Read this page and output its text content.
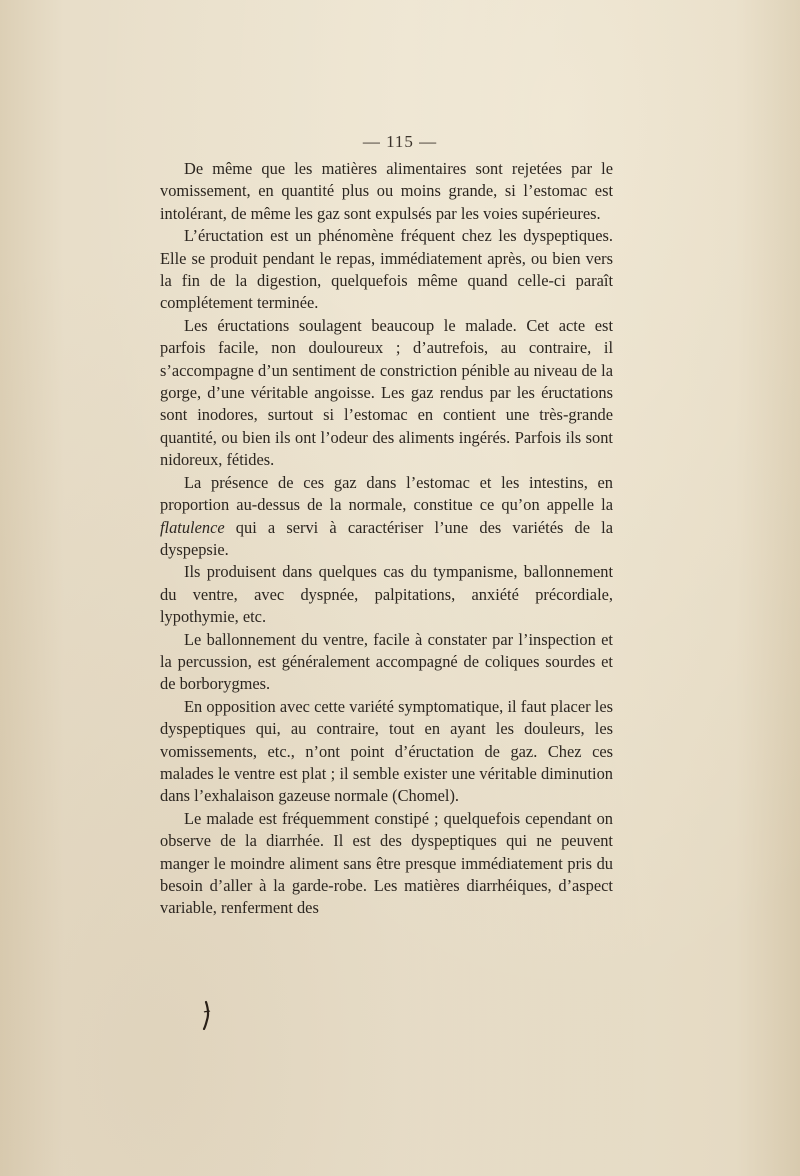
— 115 —

De même que les matières alimentaires sont rejetées par le vomissement, en quantité plus ou moins grande, si l’estomac est intolérant, de même les gaz sont expulsés par les voies supérieures.

L’éructation est un phénomène fréquent chez les dyspeptiques. Elle se produit pendant le repas, immédiatement après, ou bien vers la fin de la digestion, quelquefois même quand celle-ci paraît complétement terminée.

Les éructations soulagent beaucoup le malade. Cet acte est parfois facile, non douloureux ; d’autrefois, au contraire, il s’accompagne d’un sentiment de constriction pénible au niveau de la gorge, d’une véritable angoisse. Les gaz rendus par les éructations sont inodores, surtout si l’estomac en contient une très-grande quantité, ou bien ils ont l’odeur des aliments ingérés. Parfois ils sont nidoreux, fétides.

La présence de ces gaz dans l’estomac et les intestins, en proportion au-dessus de la normale, constitue ce qu’on appelle la flatulence qui a servi à caractériser l’une des variétés de la dyspepsie.

Ils produisent dans quelques cas du tympanisme, ballonnement du ventre, avec dyspnée, palpitations, anxiété précordiale, lypothymie, etc.

Le ballonnement du ventre, facile à constater par l’inspection et la percussion, est généralement accompagné de coliques sourdes et de borborygmes.

En opposition avec cette variété symptomatique, il faut placer les dyspeptiques qui, au contraire, tout en ayant les douleurs, les vomissements, etc., n’ont point d’éructation de gaz. Chez ces malades le ventre est plat ; il semble exister une véritable diminution dans l’exhalaison gazeuse normale (Chomel).

Le malade est fréquemment constipé ; quelquefois cependant on observe de la diarrhée. Il est des dyspeptiques qui ne peuvent manger le moindre aliment sans être presque immédiatement pris du besoin d’aller à la garde-robe. Les matières diarrhéiques, d’aspect variable, renferment des
